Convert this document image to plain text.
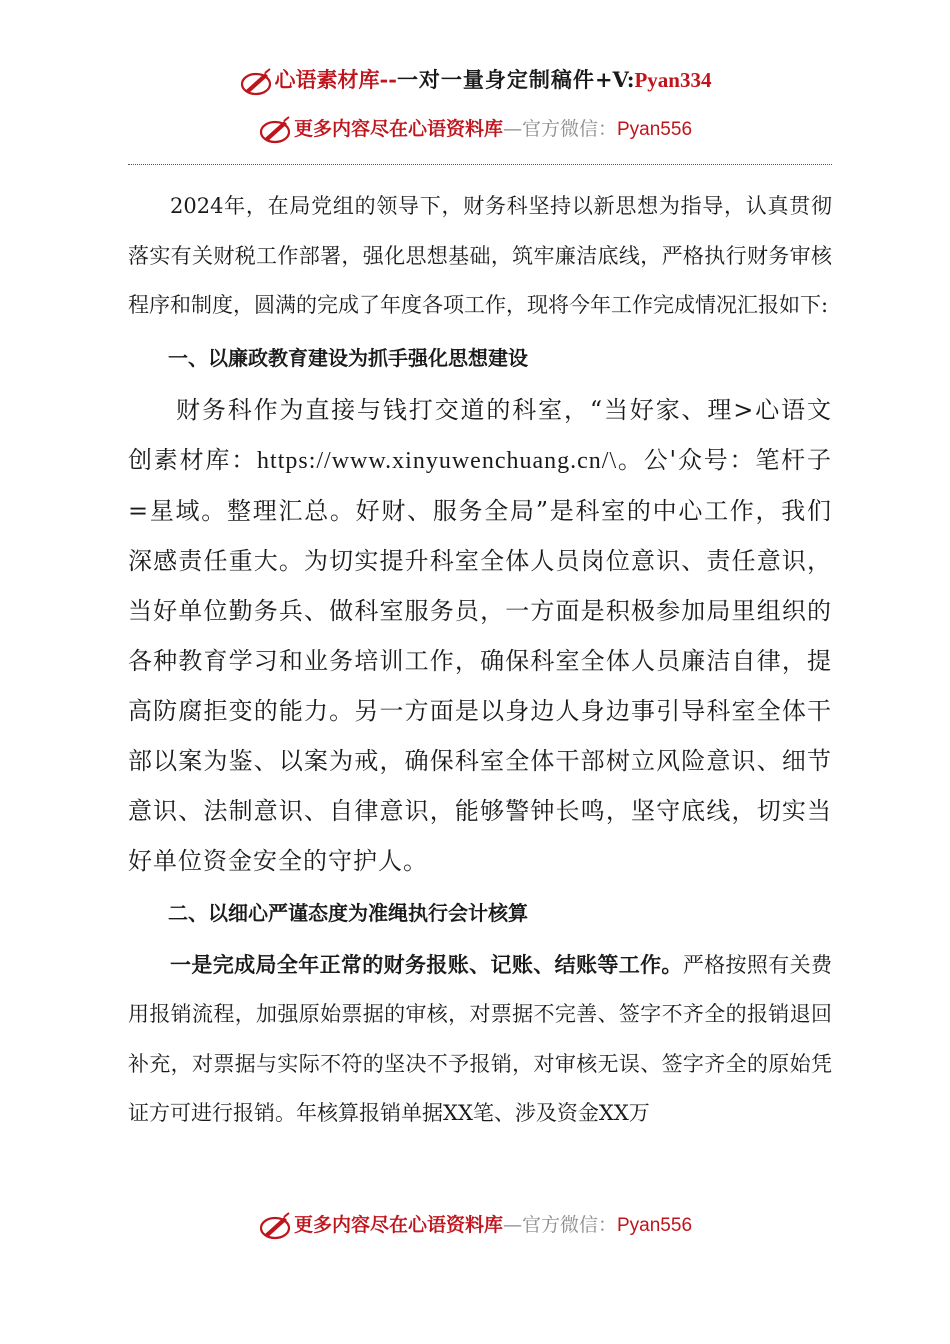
心语素材库--一对一量身定制稿件+V:Pyan334
更多内容尽在心语资料库—官方微信：Pyan556

2024年，在局党组的领导下，财务科坚持以新思想为指导，认真贯彻落实有关财税工作部署，强化思想基础，筑牢廉洁底线，严格执行财务审核程序和制度，圆满的完成了年度各项工作，现将今年工作完成情况汇报如下:

一、以廉政教育建设为抓手强化思想建设

财务科作为直接与钱打交道的科室，“当好家、理>心语文创素材库：https://www.xinyuwenchuang.cn/\。公'众号：笔杆子=星域。整理汇总。好财、服务全局”是科室的中心工作，我们深感责任重大。为切实提升科室全体人员岗位意识、责任意识，当好单位勤务兵、做科室服务员，一方面是积极参加局里组织的各种教育学习和业务培训工作，确保科室全体人员廉洁自律，提高防腐拒变的能力。另一方面是以身边人身边事引导科室全体干部以案为鉴、以案为戒，确保科室全体干部树立风险意识、细节意识、法制意识、自律意识，能够警钟长鸣，坚守底线，切实当好单位资金安全的守护人。

二、以细心严谨态度为准绳执行会计核算

一是完成局全年正常的财务报账、记账、结账等工作。严格按照有关费用报销流程，加强原始票据的审核，对票据不完善、签字不齐全的报销退回补充，对票据与实际不符的坚决不予报销，对审核无误、签字齐全的原始凭证方可进行报销。年核算报销单据XX笔、涉及资金XX万

更多内容尽在心语资料库—官方微信：Pyan556
